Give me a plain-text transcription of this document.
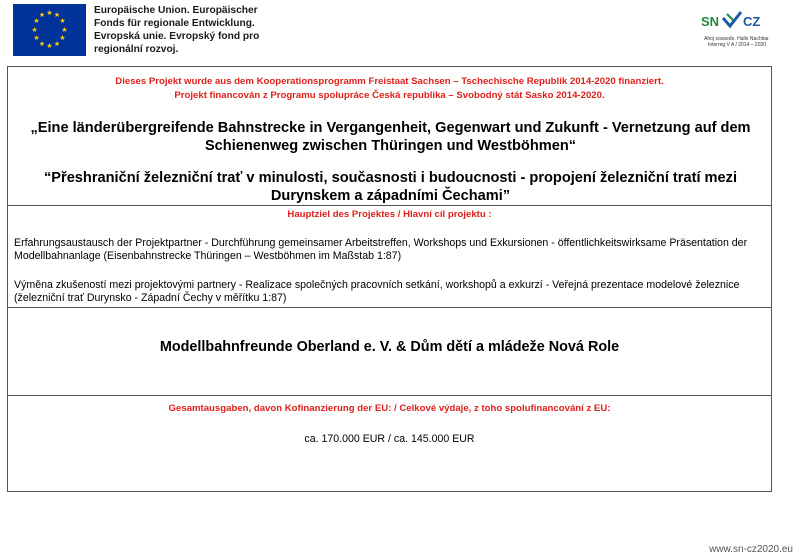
★ ★
★
★
★
★
★
★
★
★
★
★	Europäische Union. Europäischer
Fonds für regionale Entwicklung.
Evropská unie. Evropský fond pro
regionální rozvoj.
SN CZ
Ahoj sousede. Hallo Nachbar.
Interreg V A / 2014 – 2020
Dieses Projekt wurde aus dem Kooperationsprogramm Freistaat Sachsen – Tschechische Republik 2014-2020 finanziert.
Projekt financován z Programu spolupráce Česká republika – Svobodný stát Sasko 2014-2020.
„Eine länderübergreifende Bahnstrecke in Vergangenheit, Gegenwart und Zukunft - Vernetzung auf dem Schienenweg zwischen Thüringen und Westböhmen“
“Přeshraniční železniční trať v minulosti, současnosti i budoucnosti - propojení železniční tratí mezi Durynskem a západními Čechami”
Hauptziel des Projektes / Hlavní cíl projektu :
Erfahrungsaustausch der Projektpartner - Durchführung gemeinsamer Arbeitstreffen, Workshops und Exkursionen - öffentlichkeitswirksame Präsentation der Modellbahnanlage (Eisenbahnstrecke Thüringen – Westböhmen im Maßstab 1:87)
Výměna zkušeností mezi projektovými partnery - Realizace společných pracovních setkání, workshopů a exkurzí - Veřejná prezentace modelové železnice (železniční trať Durynsko - Západní Čechy v měřítku 1:87)
Modellbahnfreunde Oberland e. V. & Dům dětí a mládeže Nová Role
Gesamtausgaben, davon Kofinanzierung der EU: / Celkové výdaje, z toho spolufinancování z EU:
ca. 170.000 EUR / ca. 145.000 EUR
www.sn-cz2020.eu
